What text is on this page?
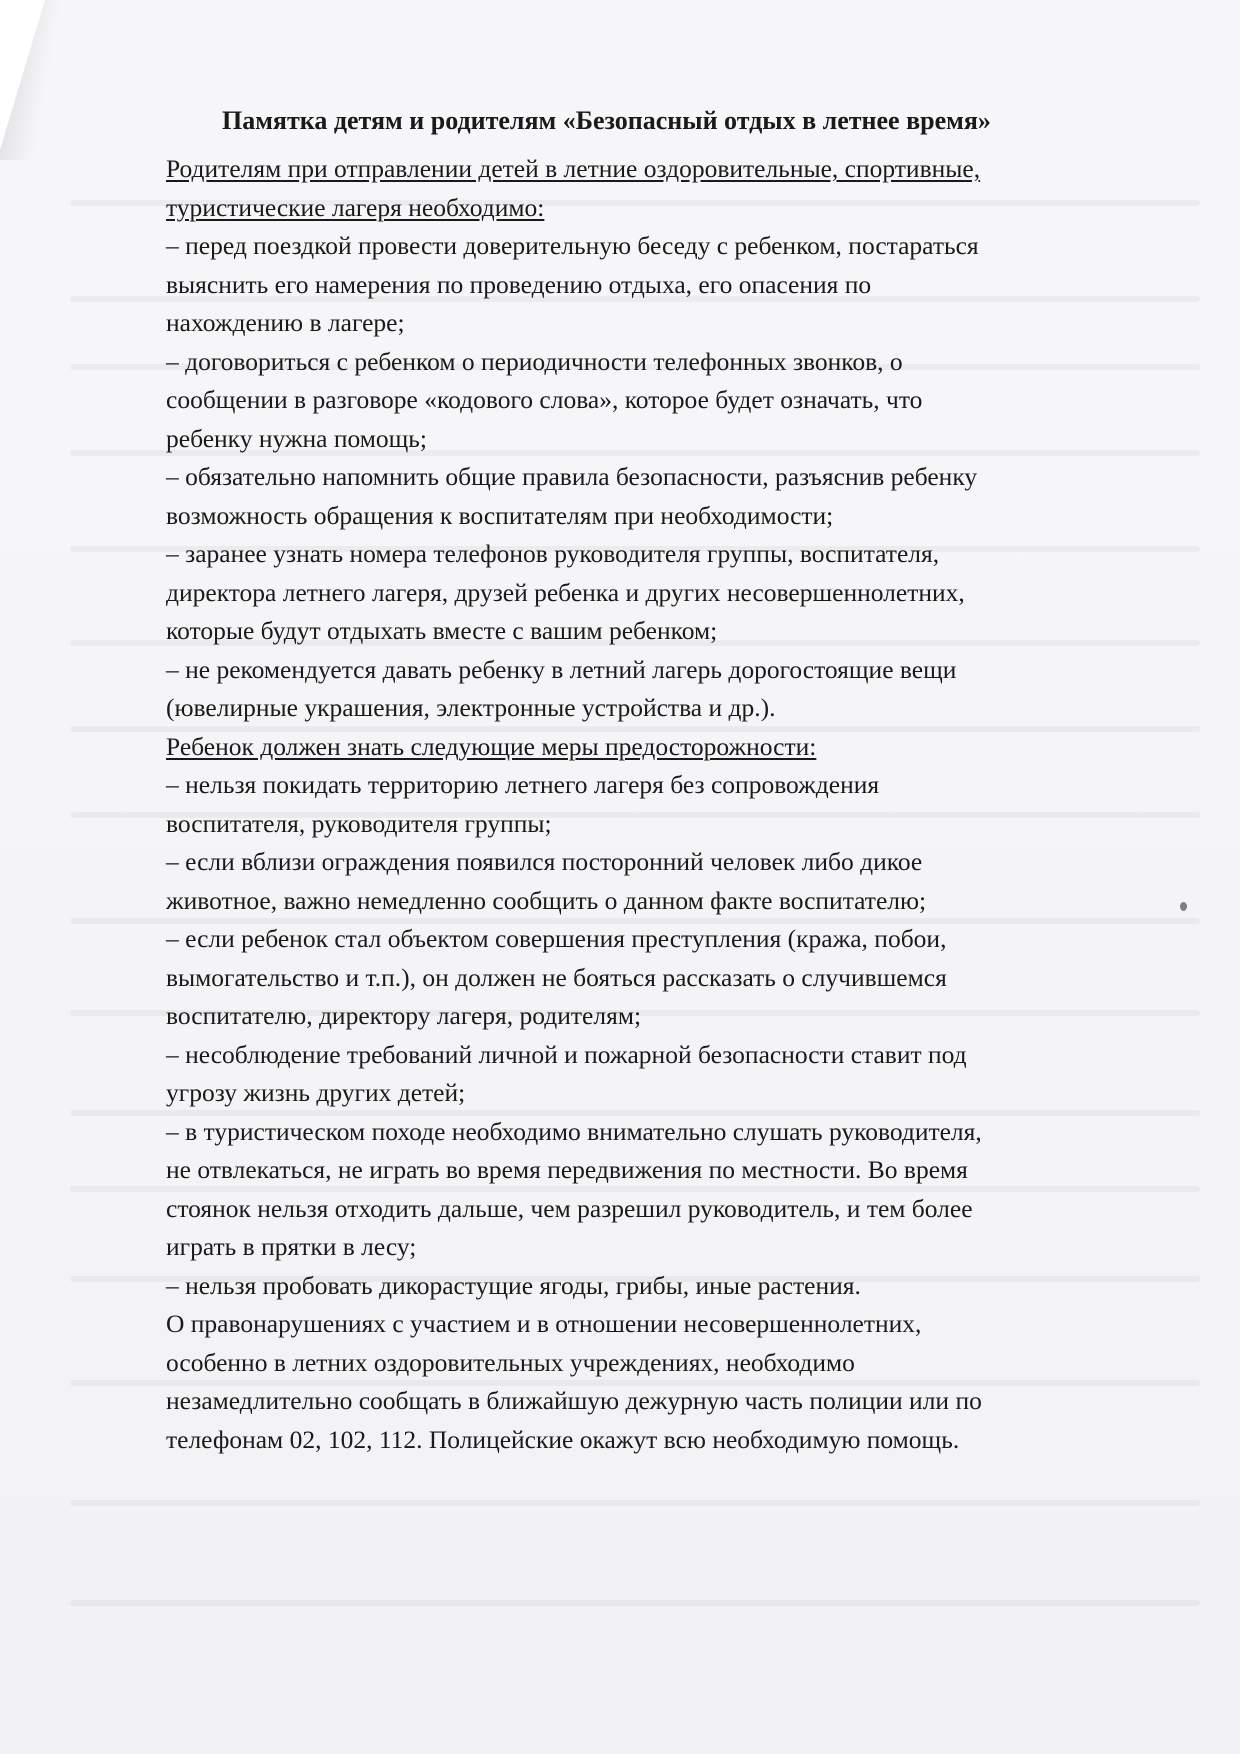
Памятка детям и родителям «Безопасный отдых в летнее время»
Родителям при отправлении детей в летние оздоровительные, спортивные,
туристические лагеря необходимо:
– перед поездкой провести доверительную беседу с ребенком, постараться
выяснить его намерения по проведению отдыха, его опасения по
нахождению в лагере;
– договориться с ребенком о периодичности телефонных звонков, о
сообщении в разговоре «кодового слова», которое будет означать, что
ребенку нужна помощь;
– обязательно напомнить общие правила безопасности, разъяснив ребенку
возможность обращения к воспитателям при необходимости;
– заранее узнать номера телефонов руководителя группы, воспитателя,
директора летнего лагеря, друзей ребенка и других несовершеннолетних,
которые будут отдыхать вместе с вашим ребенком;
– не рекомендуется давать ребенку в летний лагерь дорогостоящие вещи
(ювелирные украшения, электронные устройства и др.).
Ребенок должен знать следующие меры предосторожности:
– нельзя покидать территорию летнего лагеря без сопровождения
воспитателя, руководителя группы;
– если вблизи ограждения появился посторонний человек либо дикое
животное, важно немедленно сообщить о данном факте воспитателю;
– если ребенок стал объектом совершения преступления (кража, побои,
вымогательство и т.п.), он должен не бояться рассказать о случившемся
воспитателю, директору лагеря, родителям;
– несоблюдение требований личной и пожарной безопасности ставит под
угрозу жизнь других детей;
– в туристическом походе необходимо внимательно слушать руководителя,
не отвлекаться, не играть во время передвижения по местности. Во время
стоянок нельзя отходить дальше, чем разрешил руководитель, и тем более
играть в прятки в лесу;
– нельзя пробовать дикорастущие ягоды, грибы, иные растения.
О правонарушениях с участием и в отношении несовершеннолетних,
особенно в летних оздоровительных учреждениях, необходимо
незамедлительно сообщать в ближайшую дежурную часть полиции или по
телефонам 02, 102, 112. Полицейские окажут всю необходимую помощь.
